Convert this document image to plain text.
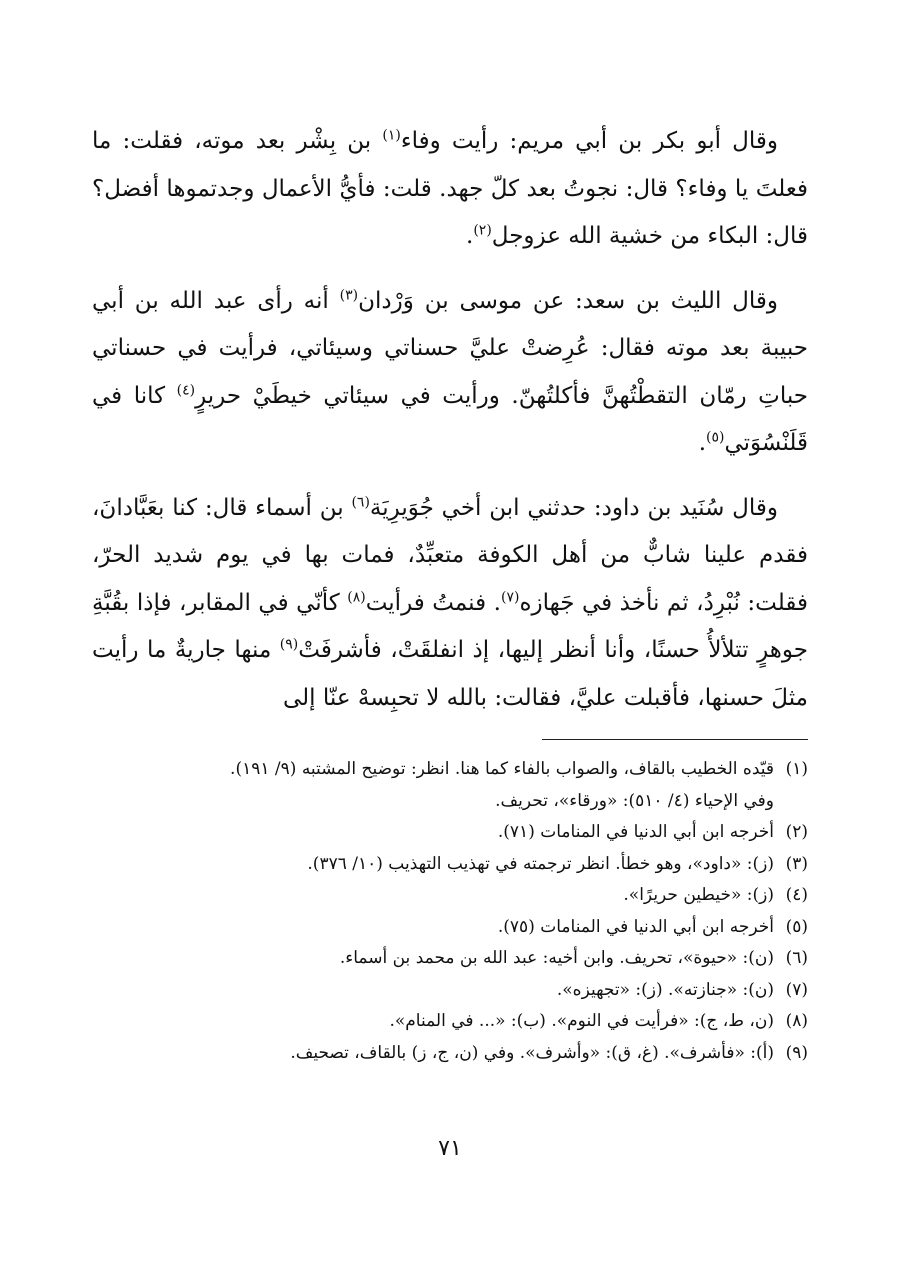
وقال أبو بكر بن أبي مريم: رأيت وفاء$^{(١)}$ بن بِشْر بعد موته، فقلت: ما فعلتَ يا وفاء؟ قال: نجوتُ بعد كلّ جهد. قلت: فأيُّ الأعمال وجدتموها أفضل؟ قال: البكاء من خشية الله عزوجل$^{(٢)}$.

وقال الليث بن سعد: عن موسى بن وَرْدان$^{(٣)}$ أنه رأى عبد الله بن أبي حبيبة بعد موته فقال: عُرِضتْ عليَّ حسناتي وسيئاتي، فرأيت في حسناتي حباتِ رمّان التقطْتُهنَّ فأكلتُهنّ. ورأيت في سيئاتي خيطَيْ حريرٍ$^{(٤)}$ كانا في قَلَنْسُوَتي$^{(٥)}$.

وقال سُنَيد بن داود: حدثني ابن أخي جُوَيرِيَة$^{(٦)}$ بن أسماء قال: كنا بعَبَّادانَ، فقدم علينا شابٌّ من أهل الكوفة متعبِّدٌ، فمات بها في يوم شديد الحرّ، فقلت: نُبْرِدُ، ثم نأخذ في جَهازه$^{(٧)}$. فنمتُ فرأيت$^{(٨)}$ كأنّي في المقابر، فإذا بقُبَّةِ جوهرٍ تتلألأُ حسنًا، وأنا أنظر إليها، إذ انفلقَتْ، فأشرفَتْ$^{(٩)}$ منها جاريةٌ ما رأيت مثلَ حسنها، فأقبلت عليَّ، فقالت: بالله لا تحبِسهْ عنّا إلى

(١)
قيّده الخطيب بالقاف، والصواب بالفاء كما هنا. انظر: توضيح المشتبه (٩/ ١٩١).

وفي الإحياء (٤/ ٥١٠): «ورقاء»، تحريف.

(٢)
أخرجه ابن أبي الدنيا في المنامات (٧١).

(٣)
(ز): «داود»، وهو خطأ. انظر ترجمته في تهذيب التهذيب (١٠/ ٣٧٦).

(٤)
(ز): «خيطين حريرًا».

(٥)
أخرجه ابن أبي الدنيا في المنامات (٧٥).

(٦)
(ن): «حيوة»، تحريف. وابن أخيه: عبد الله بن محمد بن أسماء.

(٧)
(ن): «جنازته». (ز): «تجهيزه».

(٨)
(ن، ط، ج): «فرأيت في النوم». (ب): «... في المنام».

(٩)
(أ): «فأشرف». (غ، ق): «وأشرف». وفي (ن، ج، ز) بالقاف، تصحيف.

٧١
